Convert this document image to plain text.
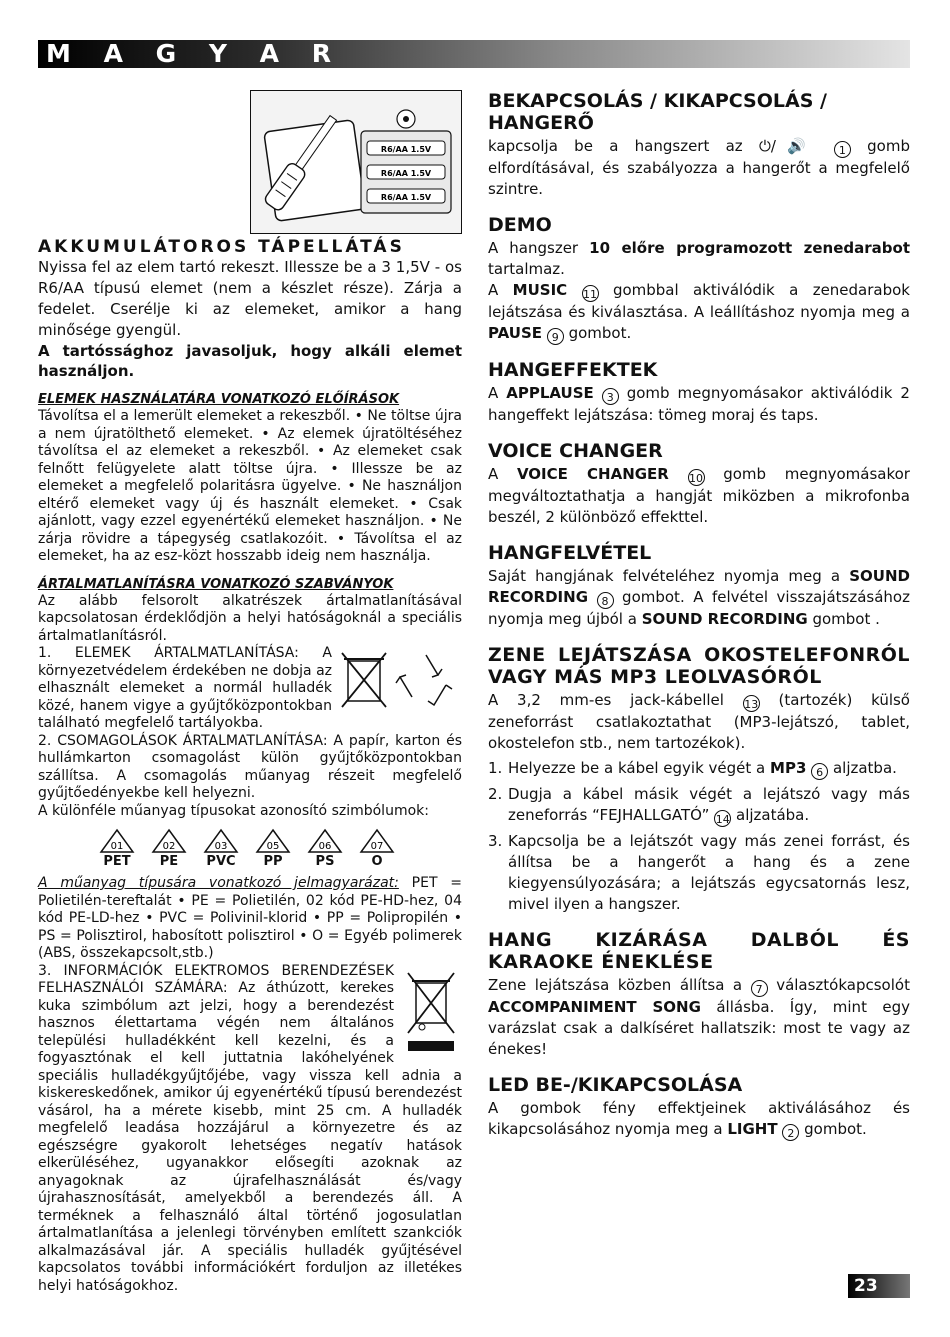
M A G Y A R
R6/AA 1.5V
R6/AA 1.5V
R6/AA 1.5V
AKKUMULÁTOROS TÁPELLÁTÁS

Nyissa fel az elem tartó rekeszt. Illessze be a 3 1,5V - os R6/AA típusú elemet (nem a készlet része). Zárja a fedelet. Cserélje ki az elemeket, amikor a hang minősége gyengül.

A tartóssághoz javasoljuk, hogy alkáli elemet használjon.

ELEMEK HASZNÁLATÁRA VONATKOZÓ ELŐÍRÁSOK

Távolítsa el a lemerült elemeket a rekeszből. • Ne töltse újra a nem újratölthető elemeket. • Az elemek újratöltéséhez távolítsa el az elemeket a rekeszből. • Az elemeket csak felnőtt felügyelete alatt töltse újra. • Illessze be az elemeket a megfelelő polaritásra ügyelve. • Ne használjon eltérő elemeket vagy új és használt elemeket. • Csak ajánlott, vagy ezzel egyenértékű elemeket használjon. • Ne zárja rövidre a tápegység csatlakozóit. • Távolítsa el az elemeket, ha az esz-közt hosszabb ideig nem használja.

ÁRTALMATLANÍTÁSRA VONATKOZÓ SZABVÁNYOK

Az alább felsorolt alkatrészek ártalmatlanításával kapcsolatosan érdeklődjön a helyi hatóságoknál a speciális ártalmatlanításról.

1. ELEMEK ÁRTALMATLANÍTÁSA: A környezetvédelem érdekében ne dobja az elhasznált elemeket a normál hulladék közé, hanem vigye a gyűjtőközpontokban található megfelelő tartályokba.

2. CSOMAGOLÁSOK ÁRTALMATLANÍTÁSA: A papír, karton és hullámkarton csomagolást külön gyűjtőközpontokban szállítsa. A csomagolás műanyag részeit megfelelő gyűjtőedényekbe kell helyezni.

A különféle műanyag típusokat azonosító szimbólumok:

01
PET
02
PE
03
PVC
05
PP
06
PS
07
O

A műanyag típusára vonatkozó jelmagyarázat: PET = Polietilén-tereftalát • PE = Polietilén, 02 kód PE-HD-hez, 04 kód PE-LD-hez • PVC = Polivinil-klorid • PP = Polipropilén • PS = Polisztirol, habosított polisztirol • O = Egyéb polimerek (ABS, összekapcsolt,stb.)

3. INFORMÁCIÓK ELEKTROMOS BERENDEZÉSEK FELHASZNÁLÓI SZÁMÁRA: Az áthúzott, kerekes kuka szimbólum azt jelzi, hogy a berendezést hasznos élettartama végén nem általános települési hulladékként kell kezelni, és a fogyasztónak el kell juttatnia lakóhelyének speciális hulladékgyűjtőjébe, vagy vissza kell adnia a kiskereskedőnek, amikor új egyenértékű típusú berendezést vásárol, ha a mérete kisebb, mint 25 cm. A hulladék megfelelő leadása hozzájárul a környezetre és az egészségre gyakorolt lehetséges negatív hatások elkerüléséhez, ugyanakkor elősegíti azoknak az anyagoknak az újrafelhasználását és/vagy újrahasznosítását, amelyekből a berendezés áll. A terméknek a felhasználó által történő jogosulatlan ártalmatlanítása a jelenlegi törvényben említett szankciók alkalmazásával jár. A speciális hulladék gyűjtésével kapcsolatos további információkért forduljon az illetékes helyi hatóságokhoz.

BEKAPCSOLÁS / KIKAPCSOLÁS / HANGERŐ

kapcsolja be a hangszert az ⏻/🔊 1 gomb elfordításával, és szabályozza a hangerőt a megfelelő szintre.

DEMO

A hangszer 10 előre programozott zenedarabot tartalmaz.

A MUSIC 11 gombbal aktiválódik a zenedarabok lejátszása és kiválasztása. A leállításhoz nyomja meg a PAUSE 9 gombot.

HANGEFFEKTEK

A APPLAUSE 3 gomb megnyomásakor aktiválódik 2 hangeffekt lejátszása: tömeg moraj és taps.

VOICE CHANGER

A VOICE CHANGER 10 gomb megnyomásakor megváltoztathatja a hangját miközben a mikrofonba beszél, 2 különböző effekttel.

HANGFELVÉTEL

Saját hangjának felvételéhez nyomja meg a SOUND RECORDING 8 gombot. A felvétel visszajátszásához nyomja meg újból a SOUND RECORDING gombot .

ZENE LEJÁTSZÁSA OKOSTELEFONRÓL VAGY MÁS MP3 LEOLVASÓRÓL

A 3,2 mm-es jack-kábellel 13 (tartozék) külső zeneforrást csatlakoztathat (MP3-lejátszó, tablet, okostelefon stb., nem tartozékok).

1. Helyezze be a kábel egyik végét a MP3 6 aljzatba.
2. Dugja a kábel másik végét a lejátszó vagy más zeneforrás “FEJHALLGATÓ” 14 aljzatába.
3. Kapcsolja be a lejátszót vagy más zenei forrást, és állítsa be a hangerőt a hang és a zene kiegyensúlyozására; a lejátszás egycsatornás lesz, mivel ilyen a hangszer.
HANG KIZÁRÁSA DALBÓL ÉS KARAOKE ÉNEKLÉSE

Zene lejátszása közben állítsa a 7 választókapcsolót ACCOMPANIMENT SONG állásba. Így, mint egy varázslat csak a dalkíséret hallatszik: most te vagy az énekes!

LED BE-/KIKAPCSOLÁSA

A gombok fény effektjeinek aktiválásához és kikapcsolásához nyomja meg a LIGHT 2 gombot.

23
